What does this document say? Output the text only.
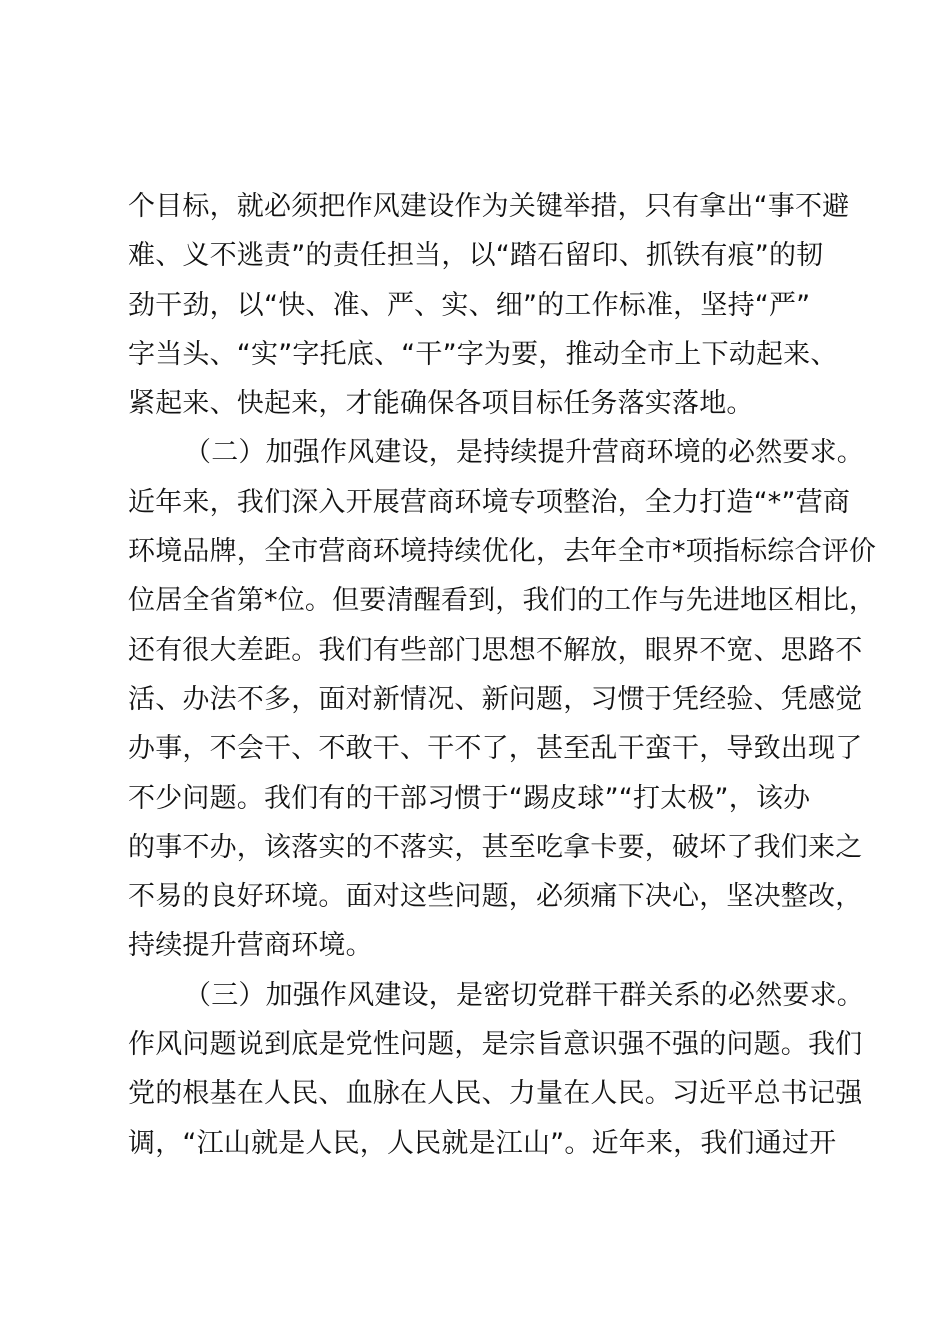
个目标，就必须把作风建设作为关键举措，只有拿出“事不避
难、义不逃责”的责任担当，以“踏石留印、抓铁有痕”的韧
劲干劲，以“快、准、严、实、细”的工作标准，坚持“严”
字当头、“实”字托底、“干”字为要，推动全市上下动起来、
紧起来、快起来，才能确保各项目标任务落实落地。
（二）加强作风建设，是持续提升营商环境的必然要求。
近年来，我们深入开展营商环境专项整治，全力打造“*”营商
环境品牌，全市营商环境持续优化，去年全市*项指标综合评价
位居全省第*位。但要清醒看到，我们的工作与先进地区相比，
还有很大差距。我们有些部门思想不解放，眼界不宽、思路不
活、办法不多，面对新情况、新问题，习惯于凭经验、凭感觉
办事，不会干、不敢干、干不了，甚至乱干蛮干，导致出现了
不少问题。我们有的干部习惯于“踢皮球”“打太极”，该办
的事不办，该落实的不落实，甚至吃拿卡要，破坏了我们来之
不易的良好环境。面对这些问题，必须痛下决心，坚决整改，
持续提升营商环境。
（三）加强作风建设，是密切党群干群关系的必然要求。
作风问题说到底是党性问题，是宗旨意识强不强的问题。我们
党的根基在人民、血脉在人民、力量在人民。习近平总书记强
调，“江山就是人民，人民就是江山”。近年来，我们通过开
